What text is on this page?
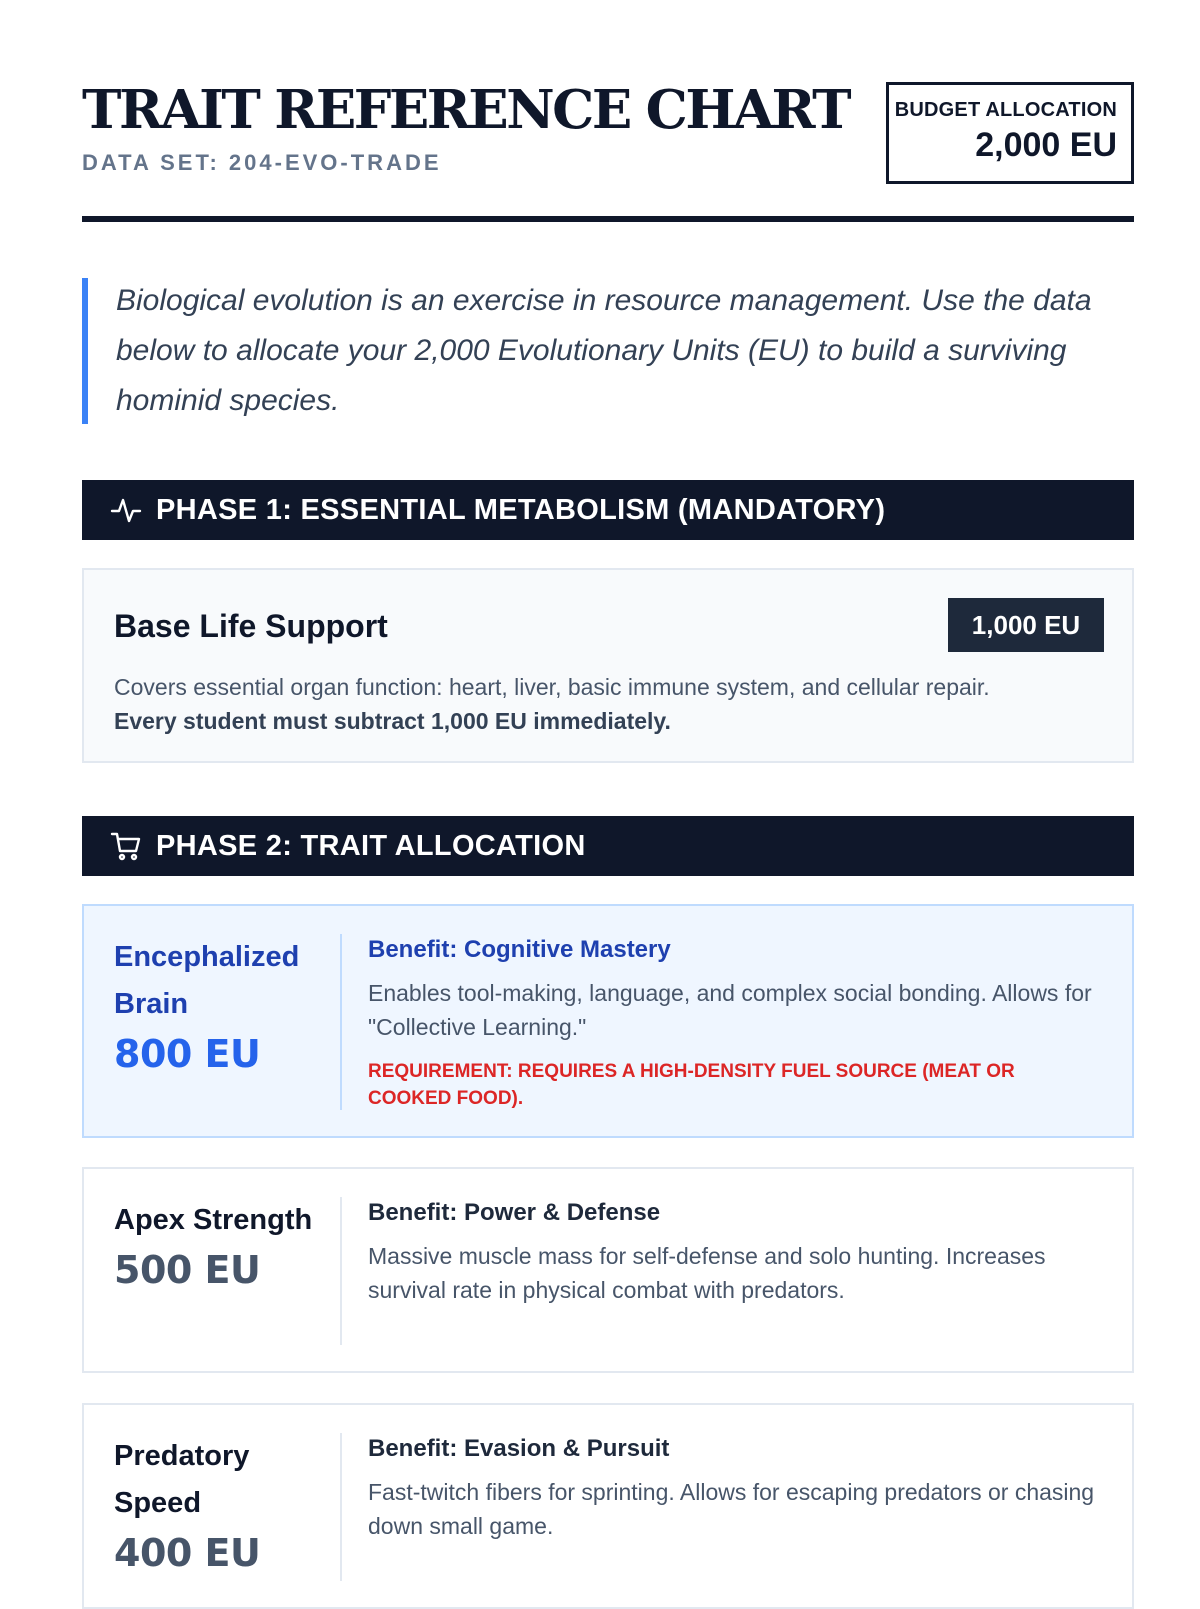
TRAIT REFERENCE CHART
DATA SET: 204-EVO-TRADE
BUDGET ALLOCATION
2,000 EU
Biological evolution is an exercise in resource management. Use the data below to allocate your 2,000 Evolutionary Units (EU) to build a surviving hominid species.
PHASE 1: ESSENTIAL METABOLISM (MANDATORY)
Base Life Support	1,000 EU
Covers essential organ function: heart, liver, basic immune system, and cellular repair.
Every student must subtract 1,000 EU immediately.
PHASE 2: TRAIT ALLOCATION
Encephalized Brain
800 EU
Benefit: Cognitive Mastery
Enables tool-making, language, and complex social bonding. Allows for "Collective Learning."
REQUIREMENT: REQUIRES A HIGH-DENSITY FUEL SOURCE (MEAT OR COOKED FOOD).
Apex Strength
500 EU
Benefit: Power & Defense
Massive muscle mass for self-defense and solo hunting. Increases survival rate in physical combat with predators.
Predatory Speed
400 EU
Benefit: Evasion & Pursuit
Fast-twitch fibers for sprinting. Allows for escaping predators or chasing down small game.
